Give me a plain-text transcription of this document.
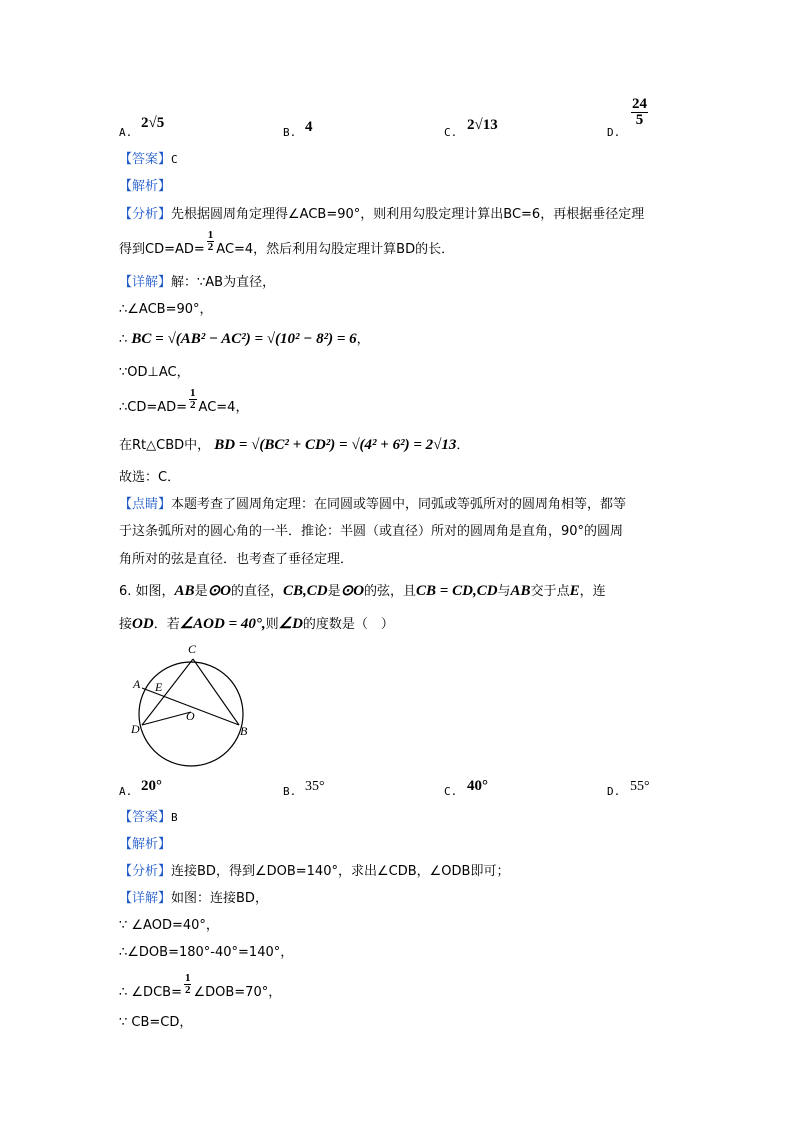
A.
2√5
B. 4	C. 2√13	D.
$\frac{24}{5}$
【答案】C
【解析】
【分析】先根据圆周角定理得∠ACB=90°，则利用勾股定理计算出BC=6，再根据垂径定理
得到$CD=AD= \frac{1}{2} AC=4$，然后利用勾股定理计算BD的长．
【详解】解：∵AB为直径，
∴∠ACB=90°，
∴ BC = √(AB² − AC²) = √(10² − 8²) = 6，
∵OD⊥AC，
∴CD=AD= $\frac{1}{2} AC=4$，
在Rt△CBD中， BD = √(BC² + CD²) = √(4² + 6²) = 2√13．
故选：C．
【点睛】本题考查了圆周角定理：在同圆或等圆中，同弧或等弧所对的圆周角相等，都等
于这条弧所对的圆心角的一半．推论：半圆（或直径）所对的圆周角是直角，90°的圆周
角所对的弦是直径．也考查了垂径定理．
6. 如图，AB是⊙O的直径，CB,CD是⊙O的弦，且CB = CD,CD与AB交于点E，连
接OD．若∠AOD = 40°,则∠D的度数是（　）
C
A E
O
D	B
A. 20°	B. 35°	C. 40°	D. 55°
【答案】B
【解析】
【分析】连接BD，得到∠DOB=140°，求出∠CDB，∠ODB即可；
【详解】如图：连接BD，
∵ ∠AOD=40°，
∴∠DOB=180°-40°=140°，
∴ ∠DCB= $\frac{1}{2}$ ∠DOB=70°，
∵ CB=CD，
